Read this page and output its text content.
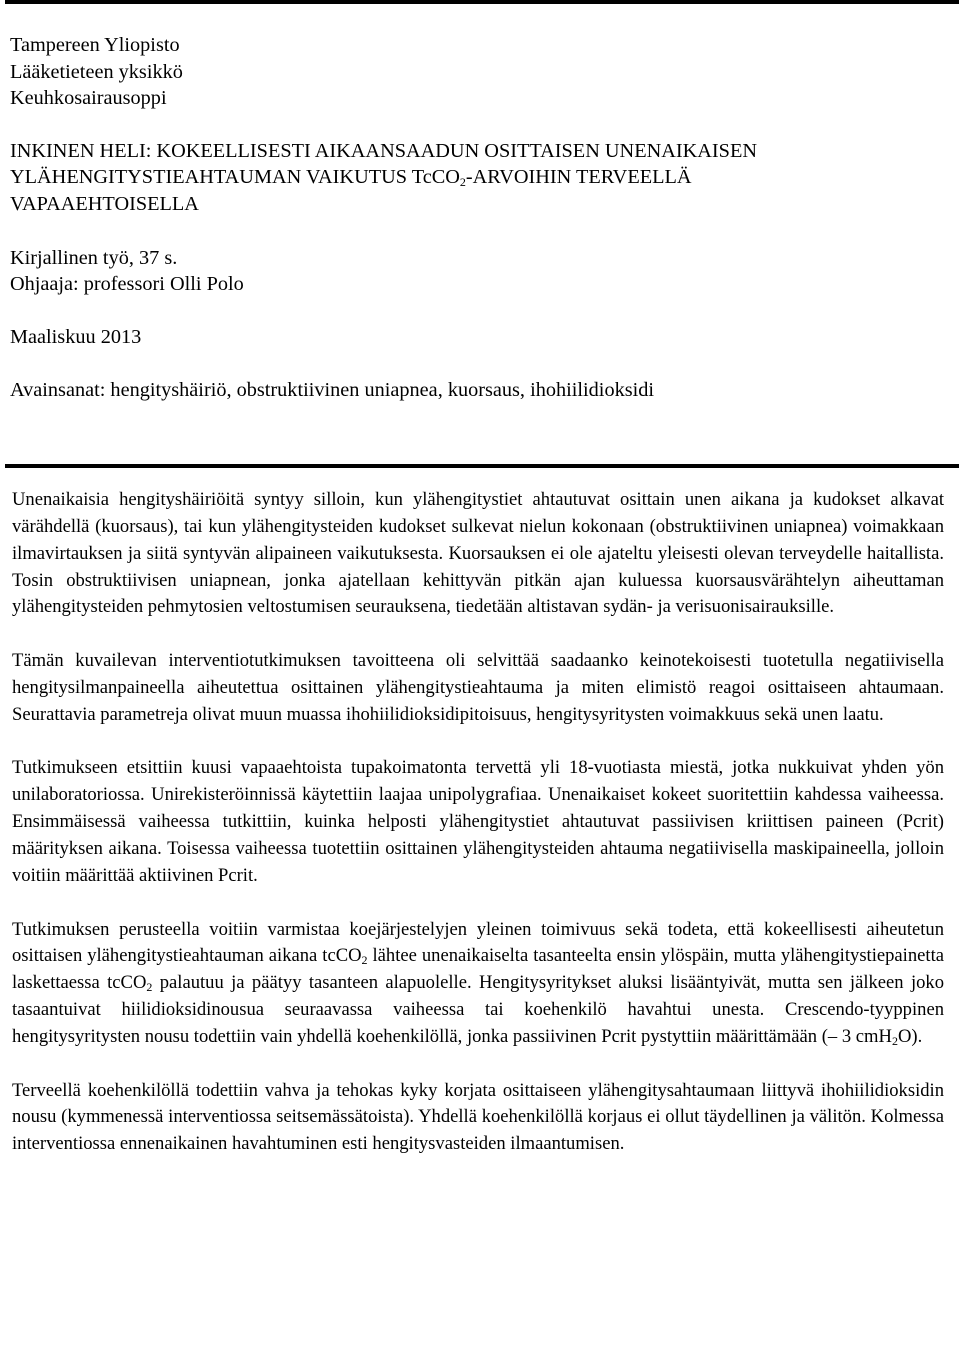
Tampereen Yliopisto
Lääketieteen yksikkö
Keuhkosairausoppi
INKINEN HELI: KOKEELLISESTI AIKAANSAADUN OSITTAISEN UNENAIKAISEN
YLÄHENGITYSTIEAHTAUMAN VAIKUTUS TcCO$_2$-ARVOIHIN TERVEELLÄ
VAPAAEHTOISELLA
Kirjallinen työ, 37 s.
Ohjaaja: professori Olli Polo
Maaliskuu 2013
Avainsanat: hengityshäiriö, obstruktiivinen uniapnea, kuorsaus, ihohiilidioksidi

Unenaikaisia hengityshäiriöitä syntyy silloin, kun ylähengitystiet ahtautuvat osittain unen aikana ja kudokset alkavat värähdellä (kuorsaus), tai kun ylähengitysteiden kudokset sulkevat nielun kokonaan (obstruktiivinen uniapnea) voimakkaan ilmavirtauksen ja siitä syntyvän alipaineen vaikutuksesta. Kuorsauksen ei ole ajateltu yleisesti olevan terveydelle haitallista. Tosin obstruktiivisen uniapnean, jonka ajatellaan kehittyvän pitkän ajan kuluessa kuorsausvärähtelyn aiheuttaman ylähengitysteiden pehmytosien veltostumisen seurauksena, tiedetään altistavan sydän- ja verisuonisairauksille.

Tämän kuvailevan interventiotutkimuksen tavoitteena oli selvittää saadaanko keinotekoisesti tuotetulla negatiivisella hengitysilmanpaineella aiheutettua osittainen ylähengitystieahtauma ja miten elimistö reagoi osittaiseen ahtaumaan. Seurattavia parametreja olivat muun muassa ihohiilidioksidipitoisuus, hengitysyritysten voimakkuus sekä unen laatu.

Tutkimukseen etsittiin kuusi vapaaehtoista tupakoimatonta tervettä yli 18-vuotiasta miestä, jotka nukkuivat yhden yön unilaboratoriossa. Unirekisteröinnissä käytettiin laajaa unipolygrafiaa. Unenaikaiset kokeet suoritettiin kahdessa vaiheessa. Ensimmäisessä vaiheessa tutkittiin, kuinka helposti ylähengitystiet ahtautuvat passiivisen kriittisen paineen (Pcrit) määrityksen aikana. Toisessa vaiheessa tuotettiin osittainen ylähengitysteiden ahtauma negatiivisella maskipaineella, jolloin voitiin määrittää aktiivinen Pcrit.

Tutkimuksen perusteella voitiin varmistaa koejärjestelyjen yleinen toimivuus sekä todeta, että kokeellisesti aiheutetun osittaisen ylähengitystieahtauman aikana tcCO$_2$ lähtee unenaikaiselta tasanteelta ensin ylöspäin, mutta ylähengitystiepainetta laskettaessa tcCO$_2$ palautuu ja päätyy tasanteen alapuolelle. Hengitysyritykset aluksi lisääntyivät, mutta sen jälkeen joko tasaantuivat hiilidioksidinousua seuraavassa vaiheessa tai koehenkilö havahtui unesta. Crescendo-tyyppinen hengitysyritysten nousu todettiin vain yhdellä koehenkilöllä, jonka passiivinen Pcrit pystyttiin määrittämään (– 3 cmH$_2$O).

Terveellä koehenkilöllä todettiin vahva ja tehokas kyky korjata osittaiseen ylähengitysahtaumaan liittyvä ihohiilidioksidin nousu (kymmenessä interventiossa seitsemässätoista). Yhdellä koehenkilöllä korjaus ei ollut täydellinen ja välitön. Kolmessa interventiossa ennenaikainen havahtuminen esti hengitysvasteiden ilmaantumisen.
